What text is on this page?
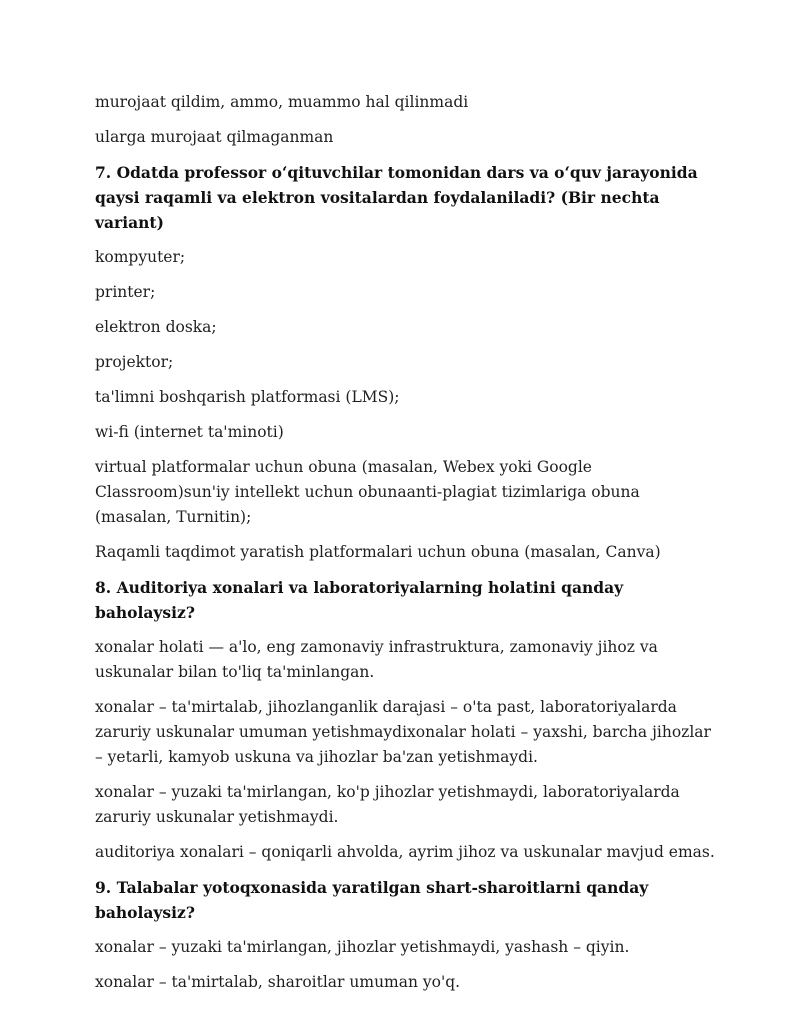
murojaat qildim, ammo, muammo hal qilinmadi

ularga murojaat qilmaganman

7. Odatda professor o‘qituvchilar tomonidan dars va o‘quv jarayonida qaysi raqamli va elektron vositalardan foydalaniladi? (Bir nechta variant)

kompyuter;

printer;

elektron doska;

projektor;

ta'limni boshqarish platformasi (LMS);

wi-fi (internet ta'minoti)

virtual platformalar uchun obuna (masalan, Webex yoki Google Classroom)sun'iy intellekt uchun obunaanti-plagiat tizimlariga obuna (masalan, Turnitin);

Raqamli taqdimot yaratish platformalari uchun obuna (masalan, Canva)

8. Auditoriya xonalari va laboratoriyalarning holatini qanday baholaysiz?

xonalar holati — a'lo, eng zamonaviy infrastruktura, zamonaviy jihoz va uskunalar bilan to'liq ta'minlangan.

xonalar – ta'mirtalab, jihozlanganlik darajasi – o'ta past, laboratoriyalarda zaruriy uskunalar umuman yetishmaydixonalar holati – yaxshi, barcha jihozlar – yetarli, kamyob uskuna va jihozlar ba'zan yetishmaydi.

xonalar – yuzaki ta'mirlangan, ko'p jihozlar yetishmaydi, laboratoriyalarda zaruriy uskunalar yetishmaydi.

auditoriya xonalari – qoniqarli ahvolda, ayrim jihoz va uskunalar mavjud emas.

9. Talabalar yotoqxonasida yaratilgan shart-sharoitlarni qanday baholaysiz?

xonalar – yuzaki ta'mirlangan, jihozlar yetishmaydi, yashash – qiyin.

xonalar – ta'mirtalab, sharoitlar umuman yo'q.
